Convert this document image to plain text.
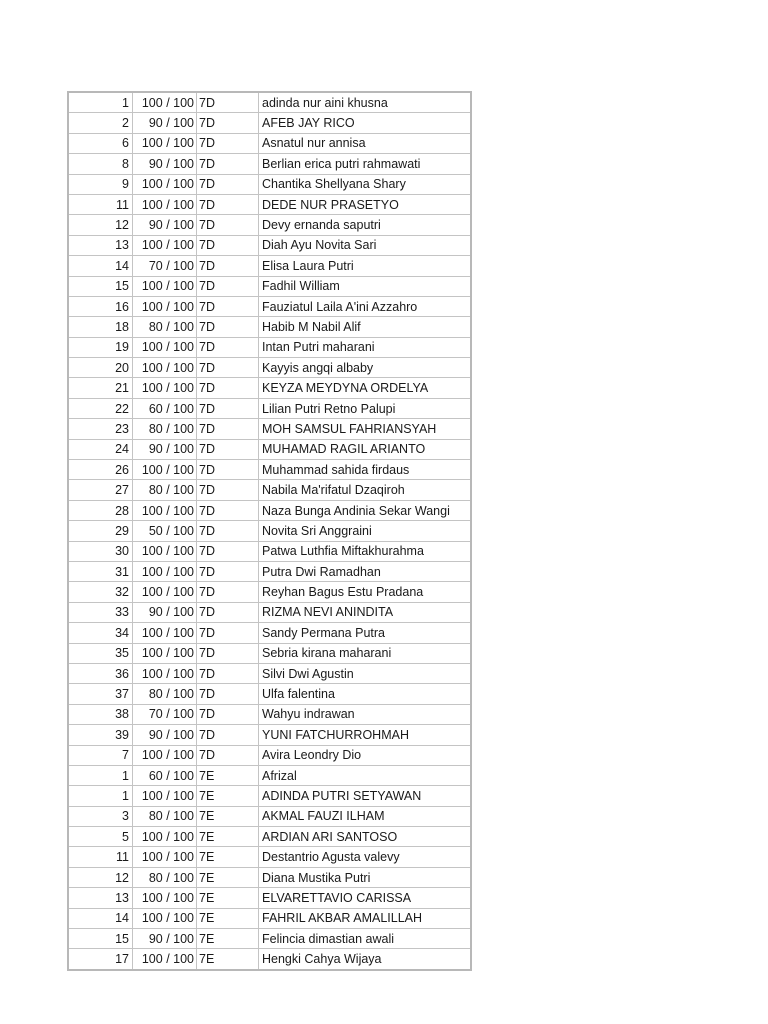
1	100 / 100	7D	adinda nur aini khusna
2	90 / 100	7D	AFEB JAY RICO
6	100 / 100	7D	Asnatul nur annisa
8	90 / 100	7D	Berlian erica putri rahmawati
9	100 / 100	7D	Chantika Shellyana Shary
11	100 / 100	7D	DEDE NUR PRASETYO
12	90 / 100	7D	Devy ernanda saputri
13	100 / 100	7D	Diah Ayu Novita Sari
14	70 / 100	7D	Elisa Laura Putri
15	100 / 100	7D	Fadhil William
16	100 / 100	7D	Fauziatul Laila A'ini Azzahro
18	80 / 100	7D	Habib M Nabil Alif
19	100 / 100	7D	Intan Putri maharani
20	100 / 100	7D	Kayyis angqi albaby
21	100 / 100	7D	KEYZA MEYDYNA ORDELYA
22	60 / 100	7D	Lilian Putri Retno Palupi
23	80 / 100	7D	MOH SAMSUL FAHRIANSYAH
24	90 / 100	7D	MUHAMAD RAGIL ARIANTO
26	100 / 100	7D	Muhammad sahida firdaus
27	80 / 100	7D	Nabila Ma'rifatul Dzaqiroh
28	100 / 100	7D	Naza Bunga Andinia Sekar Wangi
29	50 / 100	7D	Novita Sri Anggraini
30	100 / 100	7D	Patwa Luthfia Miftakhurahma
31	100 / 100	7D	Putra Dwi Ramadhan
32	100 / 100	7D	Reyhan Bagus Estu Pradana
33	90 / 100	7D	RIZMA NEVI ANINDITA
34	100 / 100	7D	Sandy Permana Putra
35	100 / 100	7D	Sebria kirana maharani
36	100 / 100	7D	Silvi Dwi Agustin
37	80 / 100	7D	Ulfa falentina
38	70 / 100	7D	Wahyu indrawan
39	90 / 100	7D	YUNI FATCHURROHMAH
7	100 / 100	7D	Avira Leondry Dio
1	60 / 100	7E	Afrizal
1	100 / 100	7E	ADINDA PUTRI SETYAWAN
3	80 / 100	7E	AKMAL FAUZI ILHAM
5	100 / 100	7E	ARDIAN ARI SANTOSO
11	100 / 100	7E	Destantrio Agusta valevy
12	80 / 100	7E	Diana Mustika Putri
13	100 / 100	7E	ELVARETTAVIO CARISSA
14	100 / 100	7E	FAHRIL AKBAR AMALILLAH
15	90 / 100	7E	Felincia dimastian awali
17	100 / 100	7E	Hengki Cahya Wijaya
